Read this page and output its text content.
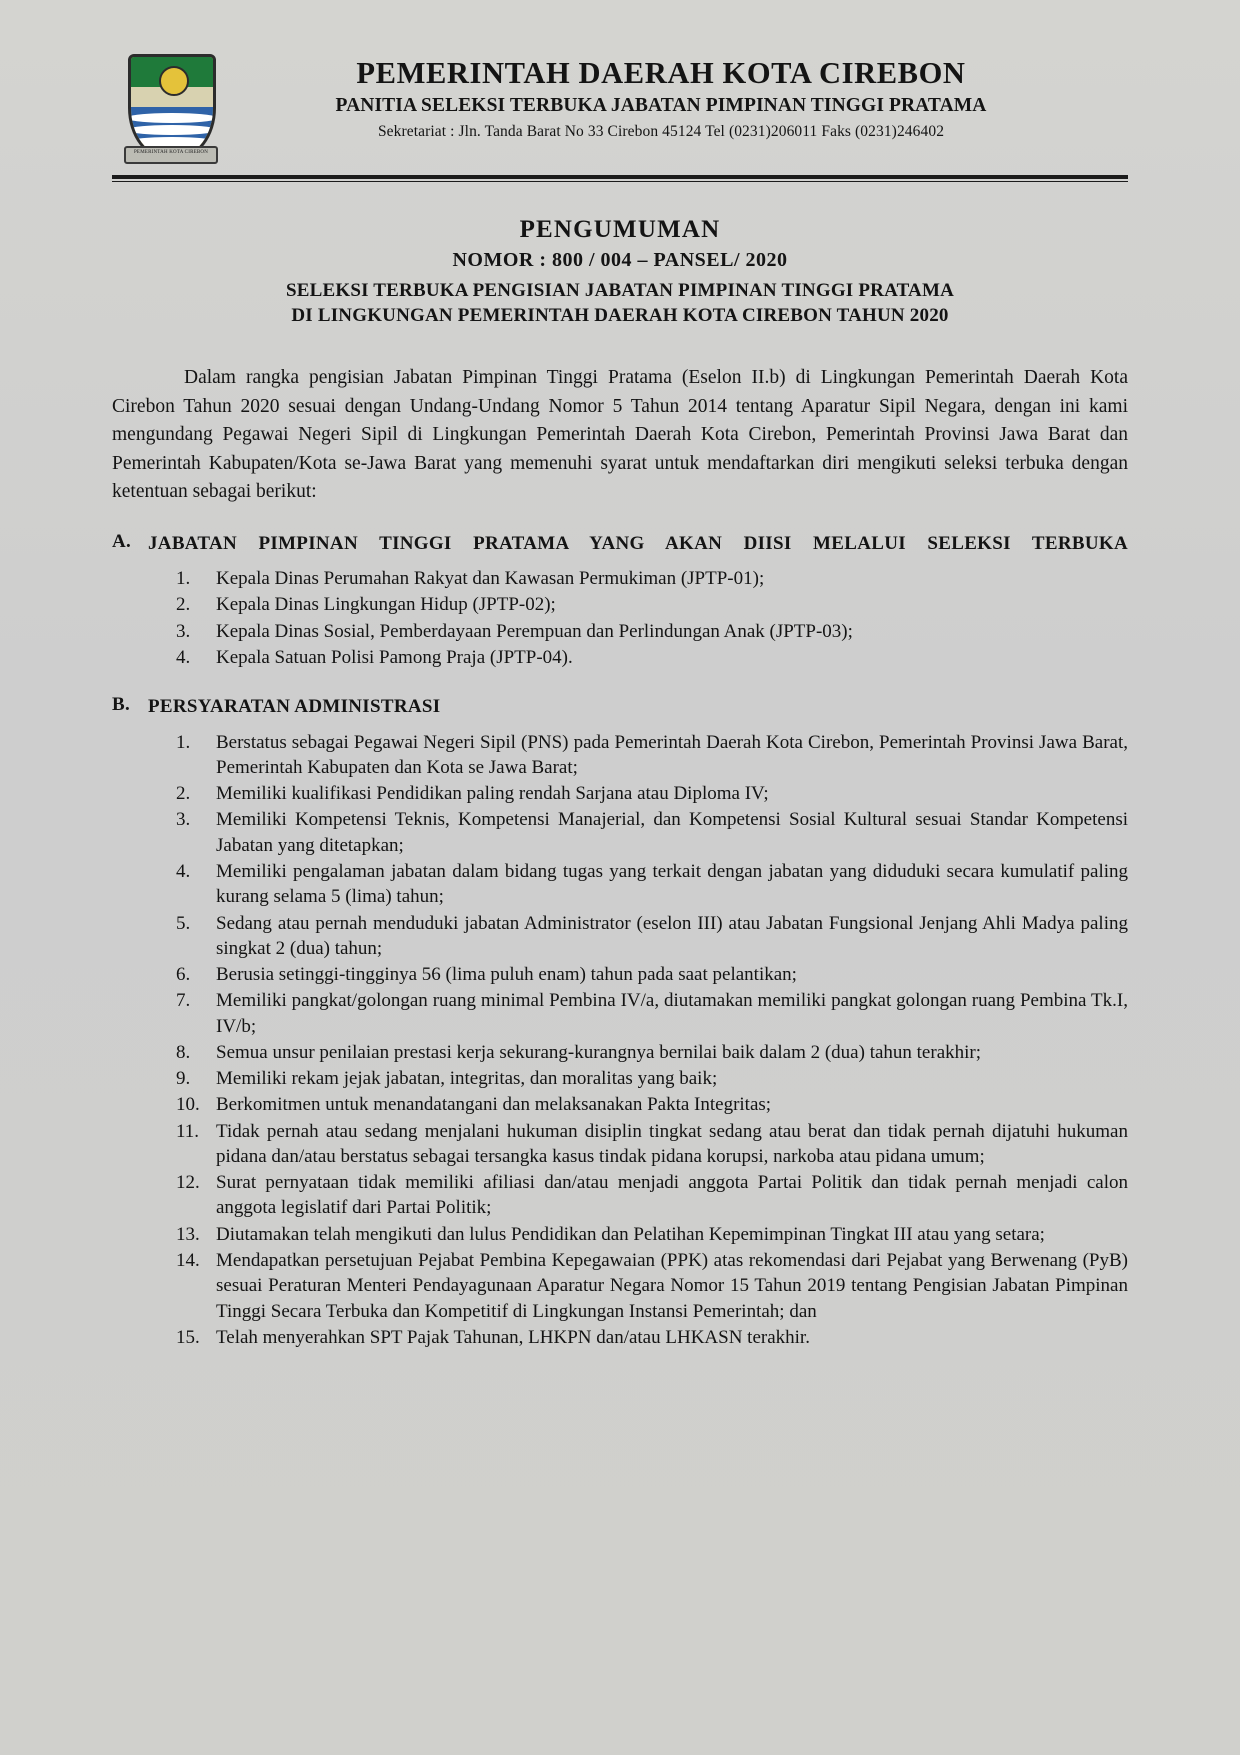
PEMERINTAH KOTA CIREBON
PEMERINTAH DAERAH KOTA CIREBON
PANITIA SELEKSI TERBUKA JABATAN PIMPINAN TINGGI PRATAMA
Sekretariat : Jln. Tanda Barat No 33 Cirebon 45124 Tel (0231)206011 Faks (0231)246402
PENGUMUMAN
NOMOR : 800 / 004 – PANSEL/ 2020
SELEKSI TERBUKA PENGISIAN JABATAN PIMPINAN TINGGI PRATAMA
DI LINGKUNGAN PEMERINTAH DAERAH KOTA CIREBON TAHUN 2020

Dalam rangka pengisian Jabatan Pimpinan Tinggi Pratama (Eselon II.b) di Lingkungan Pemerintah Daerah Kota Cirebon Tahun 2020 sesuai dengan Undang-Undang Nomor 5 Tahun 2014 tentang Aparatur Sipil Negara, dengan ini kami mengundang Pegawai Negeri Sipil di Lingkungan Pemerintah Daerah Kota Cirebon, Pemerintah Provinsi Jawa Barat dan Pemerintah Kabupaten/Kota se-Jawa Barat yang memenuhi syarat untuk mendaftarkan diri mengikuti seleksi terbuka dengan ketentuan sebagai berikut:

A. JABATAN PIMPINAN TINGGI PRATAMA YANG AKAN DIISI MELALUI SELEKSI TERBUKA
1.	Kepala Dinas Perumahan Rakyat dan Kawasan Permukiman (JPTP-01);
2.	Kepala Dinas Lingkungan Hidup (JPTP-02);
3.	Kepala Dinas Sosial, Pemberdayaan Perempuan dan Perlindungan Anak (JPTP-03);
4.	Kepala Satuan Polisi Pamong Praja (JPTP-04).
B. PERSYARATAN ADMINISTRASI
1.	Berstatus sebagai Pegawai Negeri Sipil (PNS) pada Pemerintah Daerah Kota Cirebon, Pemerintah Provinsi Jawa Barat, Pemerintah Kabupaten dan Kota se Jawa Barat;
2.	Memiliki kualifikasi Pendidikan paling rendah Sarjana atau Diploma IV;
3.	Memiliki Kompetensi Teknis, Kompetensi Manajerial, dan Kompetensi Sosial Kultural sesuai Standar Kompetensi Jabatan yang ditetapkan;
4.	Memiliki pengalaman jabatan dalam bidang tugas yang terkait dengan jabatan yang diduduki secara kumulatif paling kurang selama 5 (lima) tahun;
5.	Sedang atau pernah menduduki jabatan Administrator (eselon III) atau Jabatan Fungsional Jenjang Ahli Madya paling singkat 2 (dua) tahun;
6.	Berusia setinggi-tingginya 56 (lima puluh enam) tahun pada saat pelantikan;
7.	Memiliki pangkat/golongan ruang minimal Pembina IV/a, diutamakan memiliki pangkat golongan ruang Pembina Tk.I, IV/b;
8.	Semua unsur penilaian prestasi kerja sekurang-kurangnya bernilai baik dalam 2 (dua) tahun terakhir;
9.	Memiliki rekam jejak jabatan, integritas, dan moralitas yang baik;
10. Berkomitmen untuk menandatangani dan melaksanakan Pakta Integritas;
11. Tidak pernah atau sedang menjalani hukuman disiplin tingkat sedang atau berat dan tidak pernah dijatuhi hukuman pidana dan/atau berstatus sebagai tersangka kasus tindak pidana korupsi, narkoba atau pidana umum;
12. Surat pernyataan tidak memiliki afiliasi dan/atau menjadi anggota Partai Politik dan tidak pernah menjadi calon anggota legislatif dari Partai Politik;
13. Diutamakan telah mengikuti dan lulus Pendidikan dan Pelatihan Kepemimpinan Tingkat III atau yang setara;
14. Mendapatkan persetujuan Pejabat Pembina Kepegawaian (PPK) atas rekomendasi dari Pejabat yang Berwenang (PyB) sesuai Peraturan Menteri Pendayagunaan Aparatur Negara Nomor 15 Tahun 2019 tentang Pengisian Jabatan Pimpinan Tinggi Secara Terbuka dan Kompetitif di Lingkungan Instansi Pemerintah; dan
15. Telah menyerahkan SPT Pajak Tahunan, LHKPN dan/atau LHKASN terakhir.
